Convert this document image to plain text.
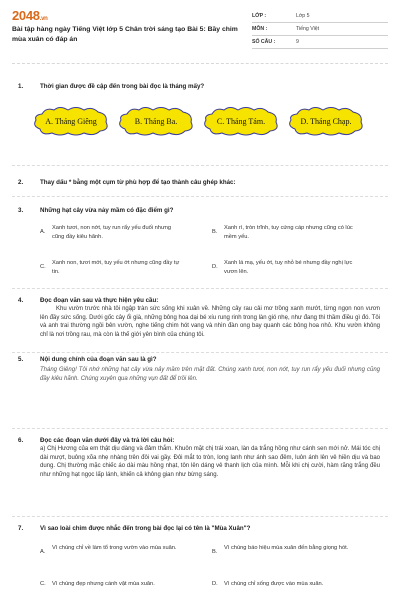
2048.vn
Bài tập hàng ngày Tiếng Việt lớp 5 Chân trời sáng tạo Bài 5: Bầy chim mùa xuân có đáp án
LỚP :	Lớp 5
MÔN :	Tiếng Việt
SỐ CÂU :	9
1.	Thời gian được đề cập đến trong bài đọc là tháng mấy?
A. Tháng Giêng	B. Tháng Ba.	C. Tháng Tám.	D. Tháng Chạp.
2.	Thay dấu * bằng một cụm từ phù hợp để tạo thành câu ghép khác:
3.	Những hạt cây vừa nảy mầm có đặc điểm gì?
A.
Xanh tươi, non nớt, tuy run rẩy yếu đuối nhưng cũng đầy kiêu hãnh.
B.
Xanh rì, tròn trĩnh, tuy cứng cáp nhưng cũng có lúc mềm yếu.
C.
Xanh non, tươi mới, tuy yếu ớt nhưng cũng đầy tự tin.
D.
Xanh lá mạ, yếu ớt, tuy nhỏ bé nhưng đầy nghị lực vươn lên.
4.	Đọc đoạn văn sau và thực hiện yêu cầu:
Khu vườn trước nhà tôi ngập tràn sức sống khi xuân về. Những cây rau cải mơ trồng xanh mướt, từng ngọn non vươn lên đầy sức sống. Dưới gốc cây ổi già, những bông hoa dại bé xíu rung rinh trong làn gió nhẹ, như đang thì thầm điều gì đó. Tôi và anh trai thường ngồi bên vườn, nghe tiếng chim hót vang và nhìn đàn ong bay quanh các bông hoa nhỏ. Khu vườn không chỉ là nơi trồng rau, mà còn là thế giới yên bình của chúng tôi.
5.	Nội dung chính của đoạn văn sau là gì?
Tháng Giêng! Tôi nhớ những hạt cây vừa nảy mầm trên mặt đất. Chúng xanh tươi, non nớt, tuy run rẩy yếu đuối nhưng cũng đầy kiêu hãnh. Chúng xuyên qua những vụn đất để trồi lên.
6.	Đọc các đoạn văn dưới đây và trả lời câu hỏi:
a) Chị Hương của em thật dịu dàng và đảm thắm. Khuôn mặt chị trái xoan, làn da trắng hồng như cánh sen mới nở. Mái tóc chị dài mượt, buông xõa nhẹ nhàng trên đôi vai gầy. Đôi mắt to tròn, long lanh như ánh sao đêm, luôn ánh lên vẻ hiền dịu và bao dung. Chị thường mặc chiếc áo dài màu hồng nhạt, tôn lên dáng vẻ thanh lịch của mình. Mỗi khi chị cười, hàm răng trắng đều như những hạt ngọc lấp lánh, khiến cả không gian như bừng sáng.
7.	Vì sao loài chim được nhắc đến trong bài đọc lại có tên là "Mùa Xuân"?
A.
Vì chúng chỉ về làm tổ trong vườn vào mùa xuân.
B.
Vì chúng báo hiệu mùa xuân đến bằng giọng hót.
C. Vì chúng đẹp nhưng cánh vật mùa xuân.	D. Vì chúng chỉ sống được vào mùa xuân.
